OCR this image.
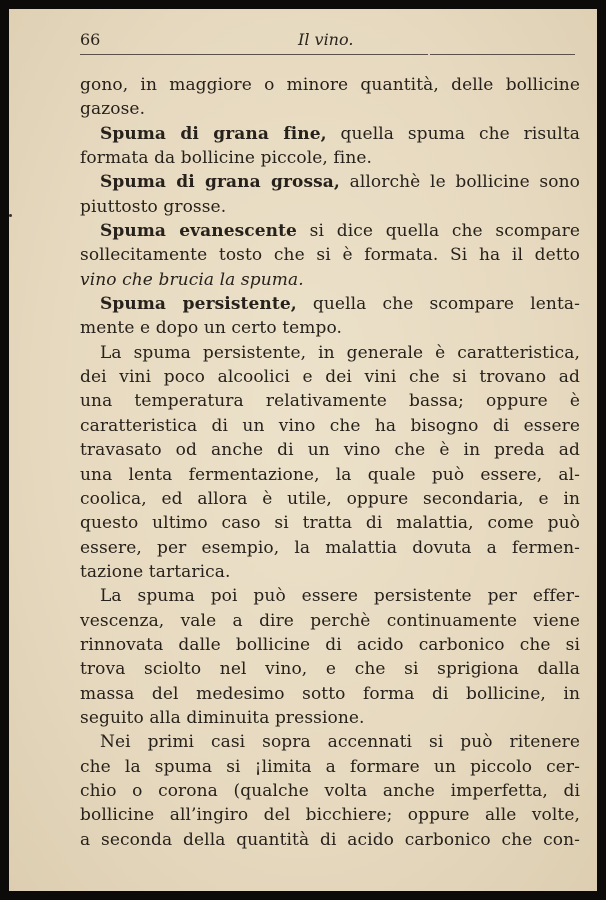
66	Il vino.
gono, in maggiore o minore quantità, delle bollicine
gazose.
Spuma di grana fine, quella spuma che risulta
formata da bollicine piccole, fine.
Spuma di grana grossa, allorchè le bollicine sono
piuttosto grosse.
Spuma evanescente si dice quella che scompare
sollecitamente tosto che si è formata. Si ha il detto
vino che brucia la spuma.
Spuma persistente, quella che scompare lenta-
mente e dopo un certo tempo.
La spuma persistente, in generale è caratteristica,
dei vini poco alcoolici e dei vini che si trovano ad
una temperatura relativamente bassa; oppure è
caratteristica di un vino che ha bisogno di essere
travasato od anche di un vino che è in preda ad
una lenta fermentazione, la quale può essere, al-
coolica, ed allora è utile, oppure secondaria, e in
questo ultimo caso si tratta di malattia, come può
essere, per esempio, la malattia dovuta a fermen-
tazione tartarica.
La spuma poi può essere persistente per effer-
vescenza, vale a dire perchè continuamente viene
rinnovata dalle bollicine di acido carbonico che si
trova sciolto nel vino, e che si sprigiona dalla
massa del medesimo sotto forma di bollicine, in
seguito alla diminuita pressione.
Nei primi casi sopra accennati si può ritenere
che la spuma si ¡limita a formare un piccolo cer-
chio o corona (qualche volta anche imperfetta, di
bollicine all’ingiro del bicchiere; oppure alle volte,
a seconda della quantità di acido carbonico che con-
